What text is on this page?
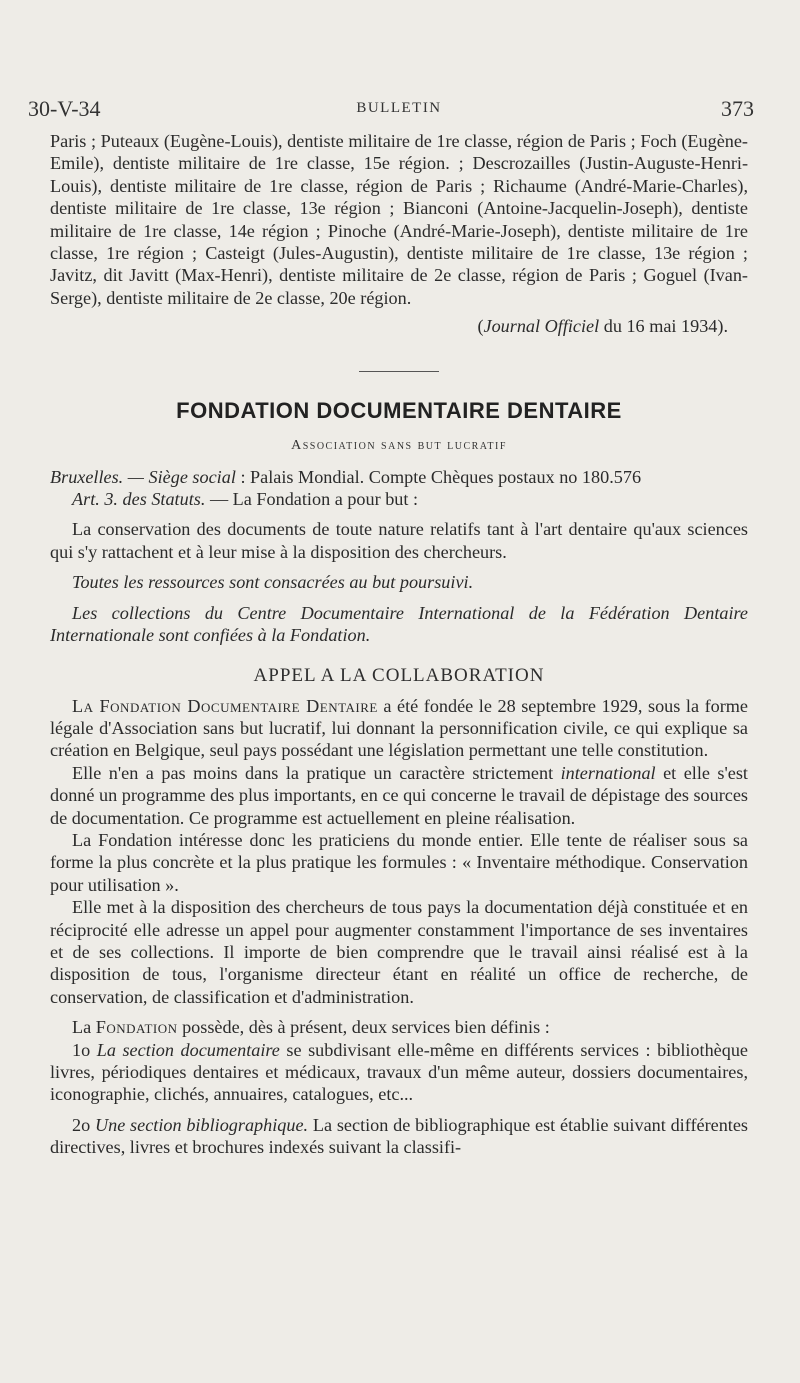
30-V-34	BULLETIN	373

Paris ; Puteaux (Eugène-Louis), dentiste militaire de 1re classe, région de Paris ; Foch (Eugène-Emile), dentiste militaire de 1re classe, 15e région. ; Descrozailles (Justin-Auguste-Henri-Louis), dentiste militaire de 1re classe, région de Paris ; Richaume (André-Marie-Charles), dentiste militaire de 1re classe, 13e région ; Bianconi (Antoine-Jacquelin-Joseph), dentiste militaire de 1re classe, 14e région ; Pinoche (André-Marie-Joseph), dentiste militaire de 1re classe, 1re région ; Casteigt (Jules-Augustin), dentiste militaire de 1re classe, 13e région ; Javitz, dit Javitt (Max-Henri), dentiste militaire de 2e classe, région de Paris ; Goguel (Ivan-Serge), dentiste militaire de 2e classe, 20e région.

(Journal Officiel du 16 mai 1934).

FONDATION DOCUMENTAIRE DENTAIRE
Association sans but lucratif

Bruxelles. — Siège social : Palais Mondial. Compte Chèques postaux no 180.576

Art. 3. des Statuts. — La Fondation a pour but :

La conservation des documents de toute nature relatifs tant à l'art dentaire qu'aux sciences qui s'y rattachent et à leur mise à la disposition des chercheurs.

Toutes les ressources sont consacrées au but poursuivi.

Les collections du Centre Documentaire International de la Fédération Dentaire Internationale sont confiées à la Fondation.

APPEL A LA COLLABORATION

La Fondation Documentaire Dentaire a été fondée le 28 septembre 1929, sous la forme légale d'Association sans but lucratif, lui donnant la personnification civile, ce qui explique sa création en Belgique, seul pays possédant une législation permettant une telle constitution.

Elle n'en a pas moins dans la pratique un caractère strictement international et elle s'est donné un programme des plus importants, en ce qui concerne le travail de dépistage des sources de documentation. Ce programme est actuellement en pleine réalisation.

La Fondation intéresse donc les praticiens du monde entier. Elle tente de réaliser sous sa forme la plus concrète et la plus pratique les formules : « Inventaire méthodique. Conservation pour utilisation ».

Elle met à la disposition des chercheurs de tous pays la documentation déjà constituée et en réciprocité elle adresse un appel pour augmenter constamment l'importance de ses inventaires et de ses collections. Il importe de bien comprendre que le travail ainsi réalisé est à la disposition de tous, l'organisme directeur étant en réalité un office de recherche, de conservation, de classification et d'administration.

La Fondation possède, dès à présent, deux services bien définis :

1o La section documentaire se subdivisant elle-même en différents services : bibliothèque livres, périodiques dentaires et médicaux, travaux d'un même auteur, dossiers documentaires, iconographie, clichés, annuaires, catalogues, etc...

2o Une section bibliographique. La section de bibliographique est établie suivant différentes directives, livres et brochures indexés suivant la classifi-
